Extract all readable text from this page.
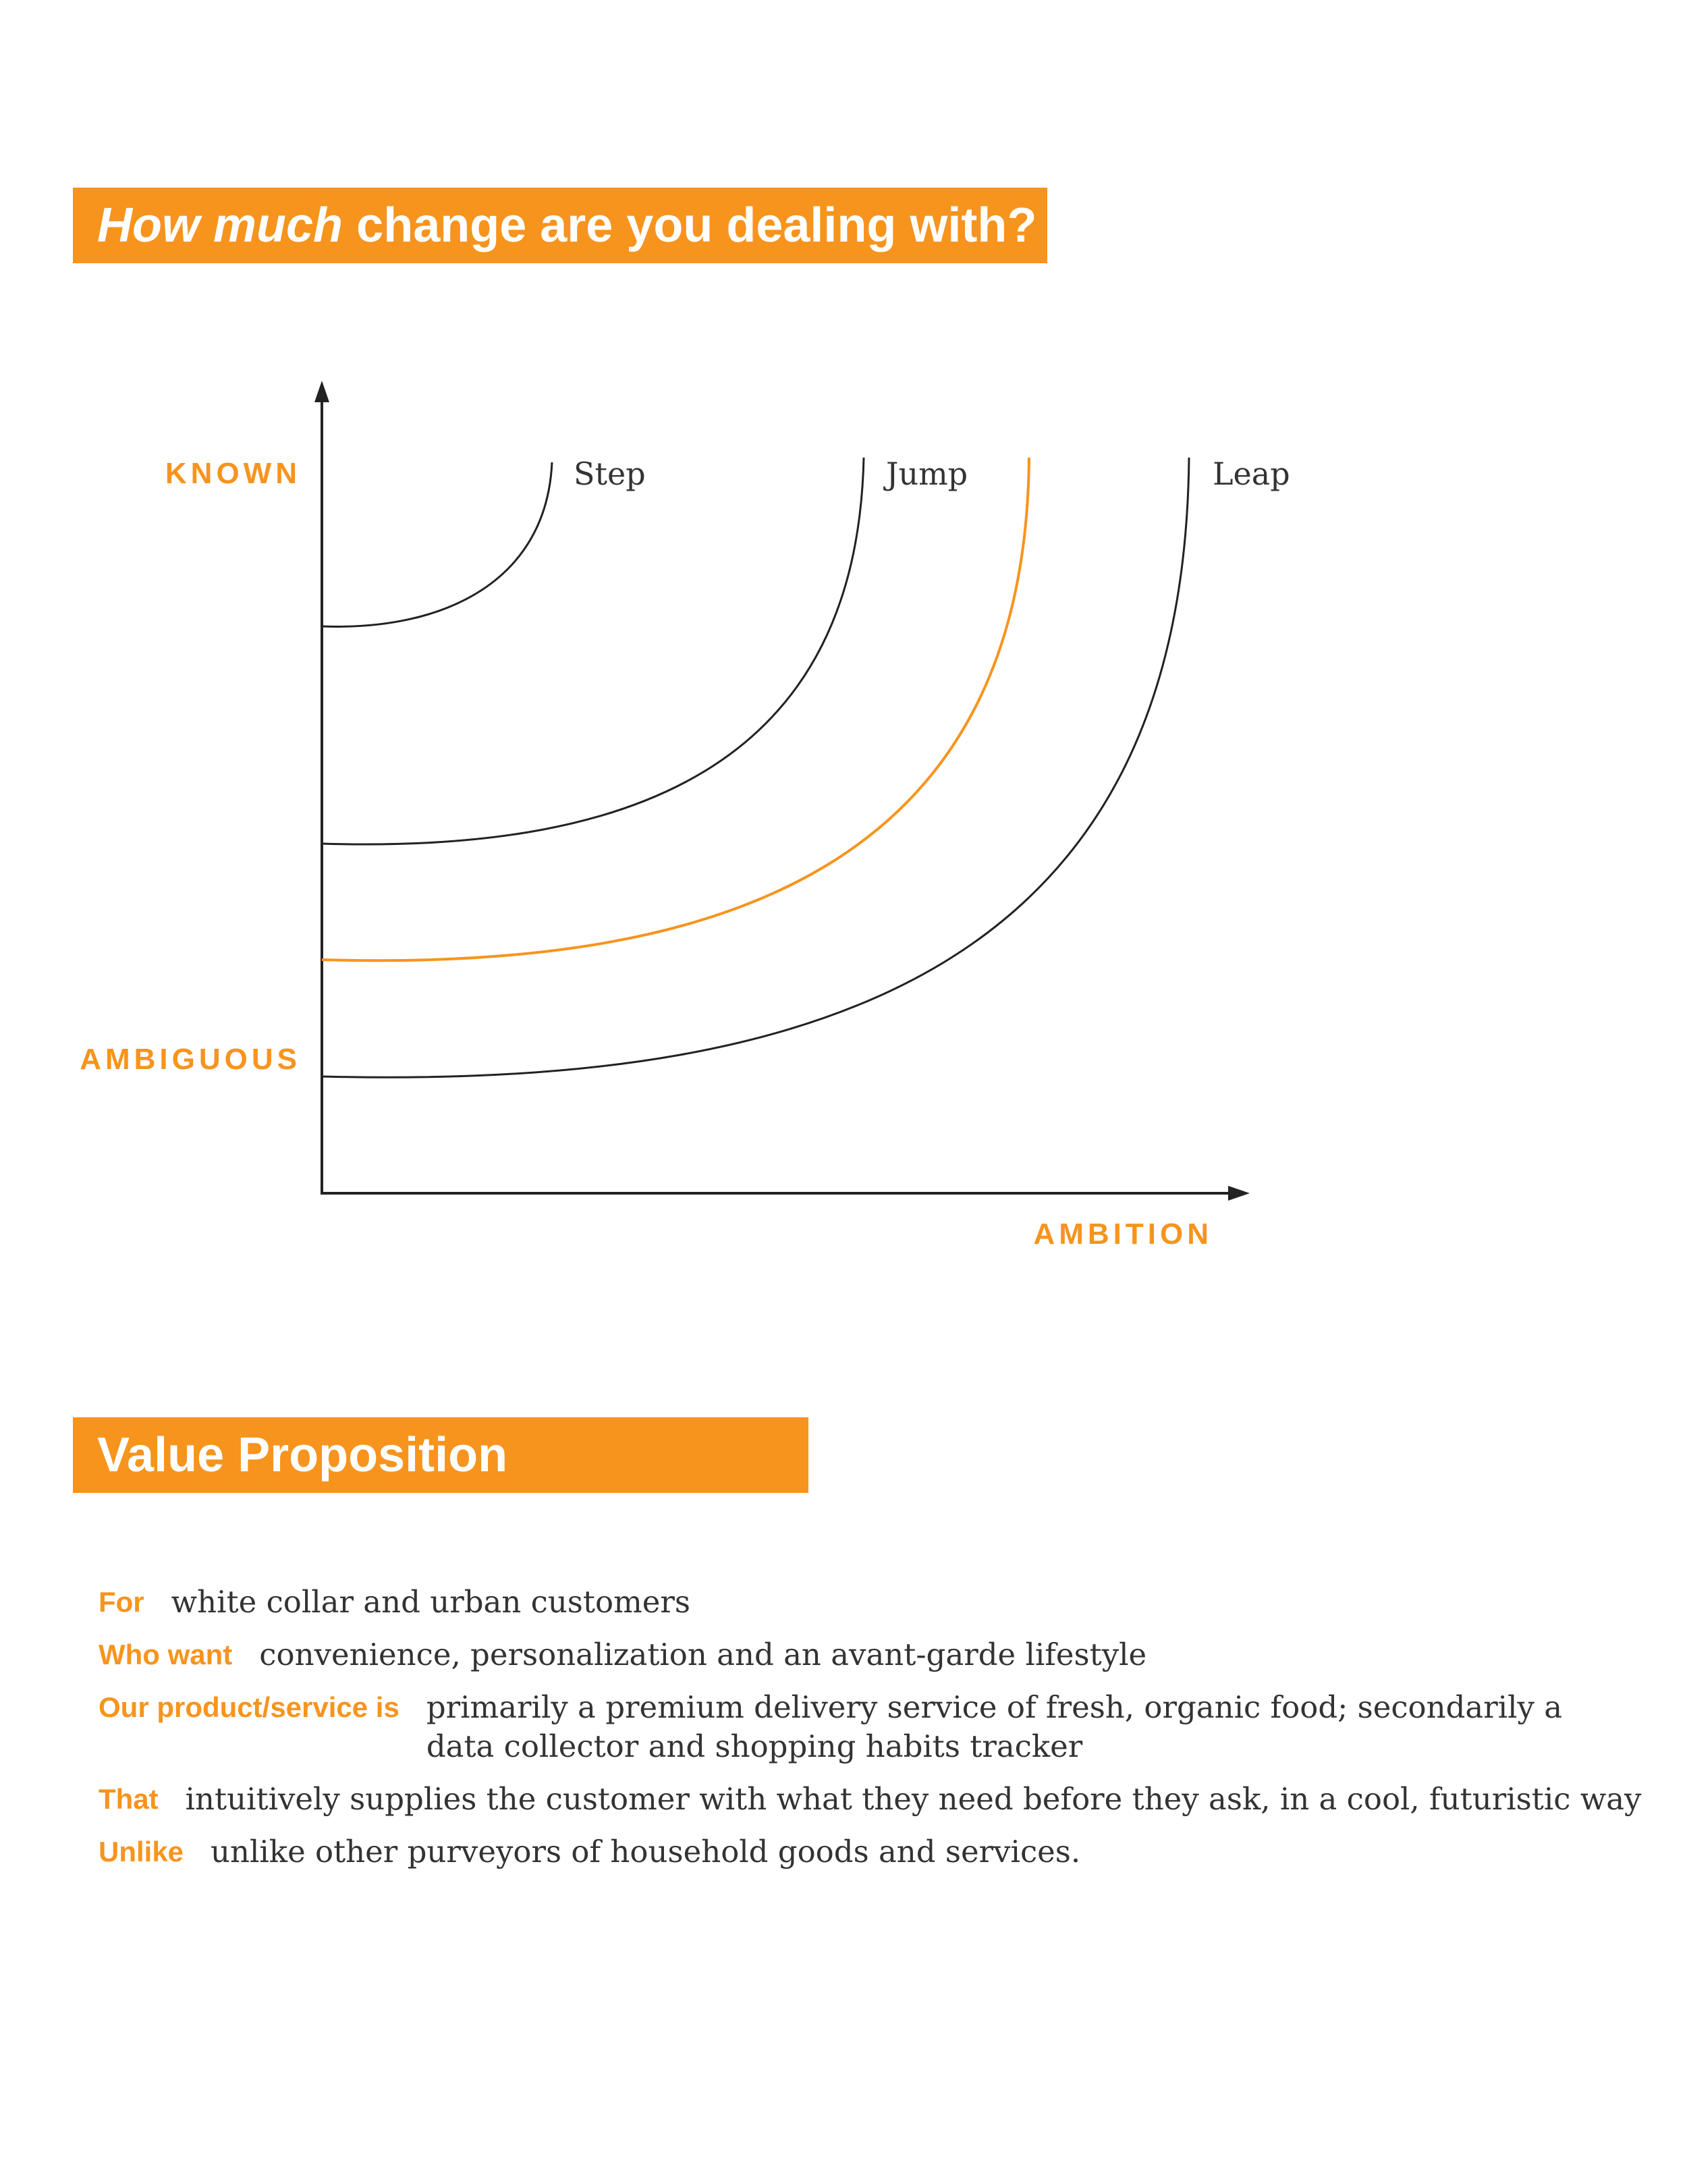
How much change are you dealing with?
KNOWN
AMBIGUOUS
AMBITION
Step	Jump	Leap
Value Proposition
For white collar and urban customers
Who want convenience, personalization and an avant-garde lifestyle
Our product/service is primarily a premium delivery service of fresh, organic food; secondarily a data collector and shopping habits tracker
That intuitively supplies the customer with what they need before they ask, in a cool, futuristic way
Unlike unlike other purveyors of household goods and services.
